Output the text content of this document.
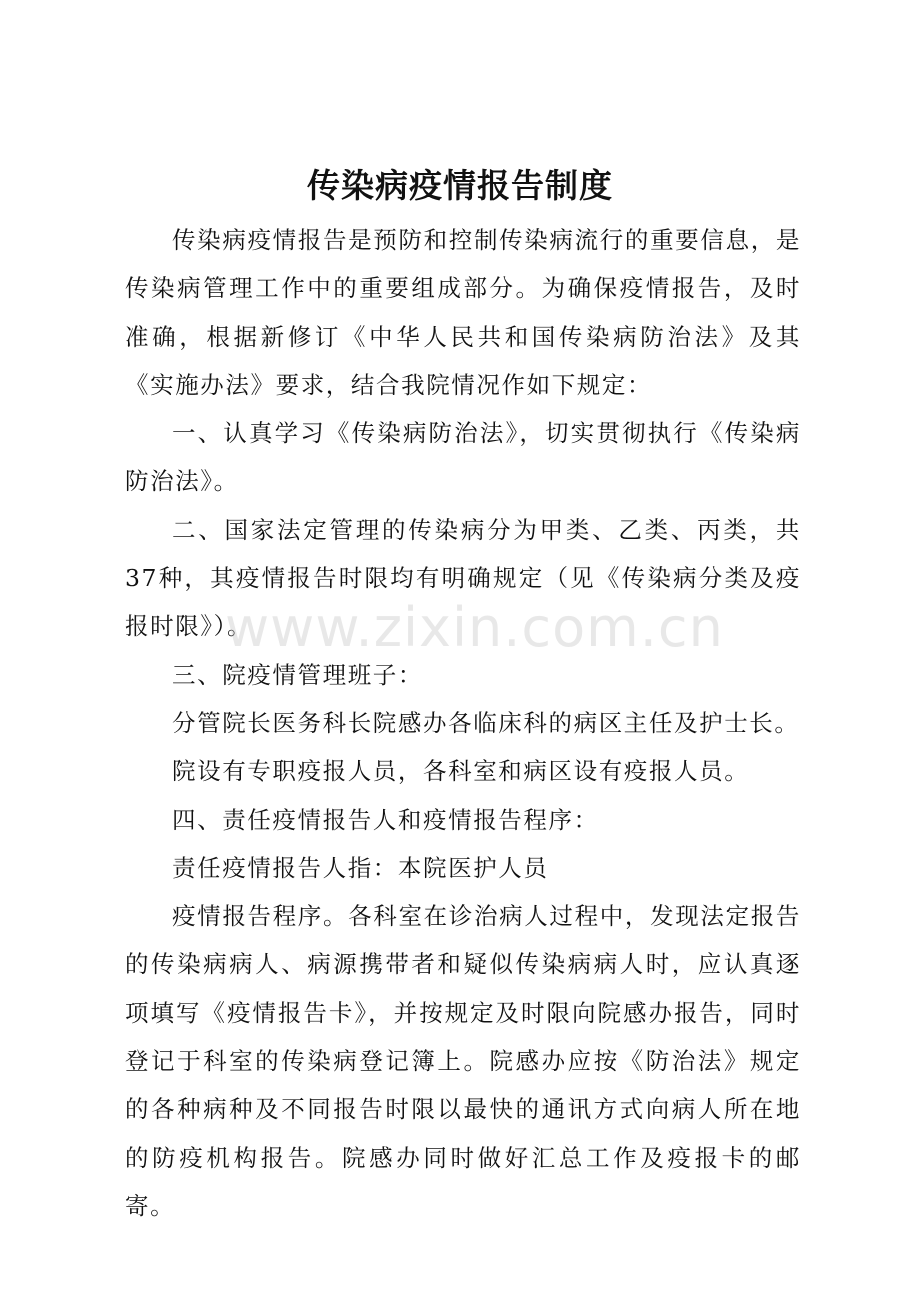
传染病疫情报告制度

传染病疫情报告是预防和控制传染病流行的重要信息，是传染病管理工作中的重要组成部分。为确保疫情报告，及时准确，根据新修订《中华人民共和国传染病防治法》及其《实施办法》要求，结合我院情况作如下规定：

一、认真学习《传染病防治法》，切实贯彻执行《传染病防治法》。

二、国家法定管理的传染病分为甲类、乙类、丙类，共37种，其疫情报告时限均有明确规定（见《传染病分类及疫报时限》）。

三、院疫情管理班子：

分管院长医务科长院感办各临床科的病区主任及护士长。

院设有专职疫报人员，各科室和病区设有疫报人员。

四、责任疫情报告人和疫情报告程序：

责任疫情报告人指：本院医护人员

疫情报告程序。各科室在诊治病人过程中，发现法定报告的传染病病人、病源携带者和疑似传染病病人时，应认真逐项填写《疫情报告卡》，并按规定及时限向院感办报告，同时登记于科室的传染病登记簿上。院感办应按《防治法》规定的各种病种及不同报告时限以最快的通讯方式向病人所在地的防疫机构报告。院感办同时做好汇总工作及疫报卡的邮寄。

www.zixin.com.cn
